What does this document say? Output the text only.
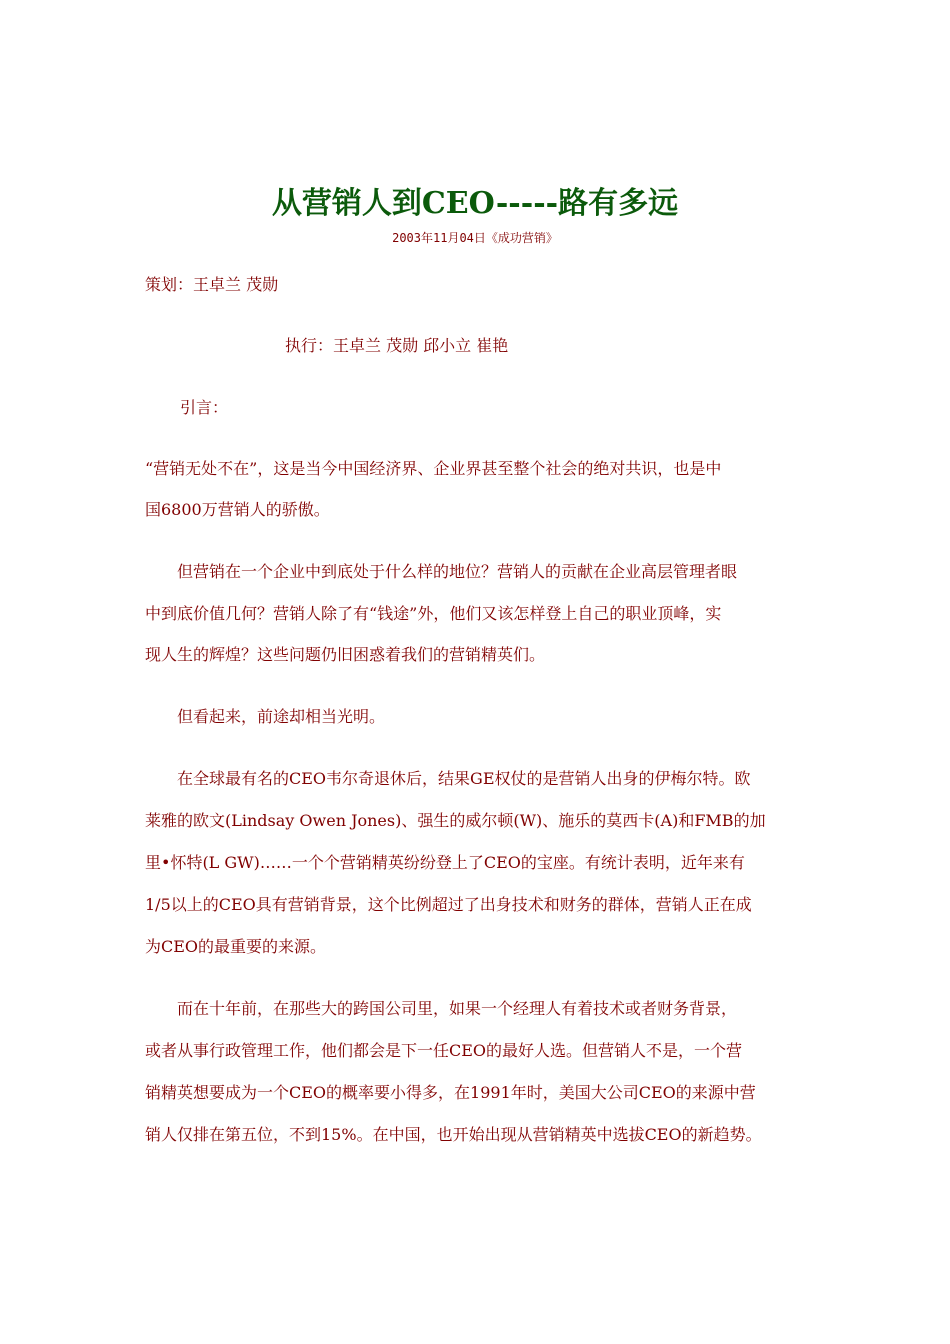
从营销人到CEO-----路有多远
2003年11月04日《成功营销》
策划：王卓兰 茂勋
执行：王卓兰 茂勋 邱小立 崔艳
引言：
“营销无处不在”，这是当今中国经济界、企业界甚至整个社会的绝对共识，也是中
国6800万营销人的骄傲。
　　但营销在一个企业中到底处于什么样的地位？营销人的贡献在企业高层管理者眼
中到底价值几何？营销人除了有“钱途”外，他们又该怎样登上自己的职业顶峰，实
现人生的辉煌？这些问题仍旧困惑着我们的营销精英们。
　　但看起来，前途却相当光明。
　　在全球最有名的CEO韦尔奇退休后，结果GE权仗的是营销人出身的伊梅尔特。欧
莱雅的欧文(Lindsay Owen Jones)、强生的威尔顿(W)、施乐的莫西卡(A)和FMB的加
里•怀特(L GW)……一个个营销精英纷纷登上了CEO的宝座。有统计表明，近年来有
1/5以上的CEO具有营销背景，这个比例超过了出身技术和财务的群体，营销人正在成
为CEO的最重要的来源。
　　而在十年前，在那些大的跨国公司里，如果一个经理人有着技术或者财务背景，
或者从事行政管理工作，他们都会是下一任CEO的最好人选。但营销人不是，一个营
销精英想要成为一个CEO的概率要小得多，在1991年时，美国大公司CEO的来源中营
销人仅排在第五位，不到15%。在中国，也开始出现从营销精英中选拔CEO的新趋势。
